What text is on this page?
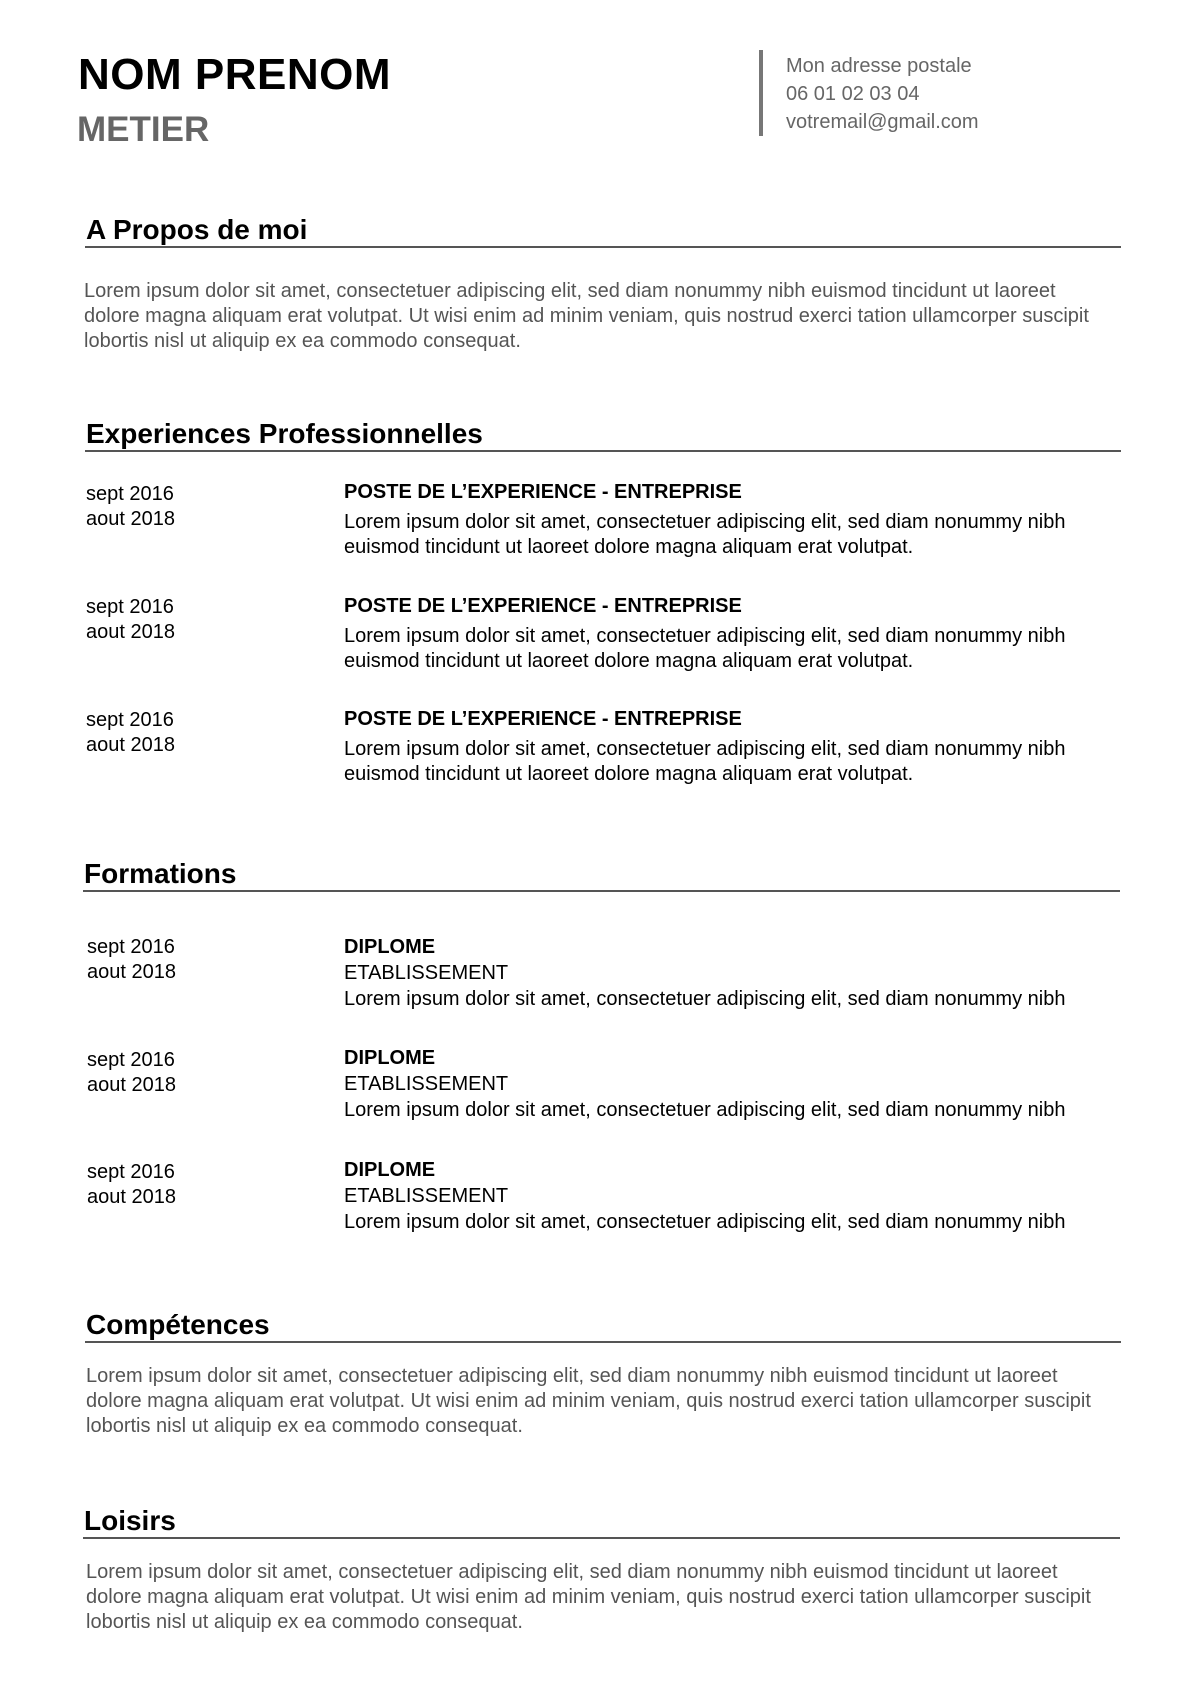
NOM PRENOM
METIER
Mon adresse postale
06 01 02 03 04
votremail@gmail.com
A Propos de moi
Lorem ipsum dolor sit amet, consectetuer adipiscing elit, sed diam nonummy nibh euismod tincidunt ut laoreet
dolore magna aliquam erat volutpat. Ut wisi enim ad minim veniam, quis nostrud exerci tation ullamcorper suscipit
lobortis nisl ut aliquip ex ea commodo consequat.
Experiences Professionnelles
sept 2016
aout 2018
POSTE DE L’EXPERIENCE - ENTREPRISE
Lorem ipsum dolor sit amet, consectetuer adipiscing elit, sed diam nonummy nibh
euismod tincidunt ut laoreet dolore magna aliquam erat volutpat.
sept 2016
aout 2018
POSTE DE L’EXPERIENCE - ENTREPRISE
Lorem ipsum dolor sit amet, consectetuer adipiscing elit, sed diam nonummy nibh
euismod tincidunt ut laoreet dolore magna aliquam erat volutpat.
sept 2016
aout 2018
POSTE DE L’EXPERIENCE - ENTREPRISE
Lorem ipsum dolor sit amet, consectetuer adipiscing elit, sed diam nonummy nibh
euismod tincidunt ut laoreet dolore magna aliquam erat volutpat.
Formations
sept 2016
aout 2018
DIPLOME
ETABLISSEMENT
Lorem ipsum dolor sit amet, consectetuer adipiscing elit, sed diam nonummy nibh
sept 2016
aout 2018
DIPLOME
ETABLISSEMENT
Lorem ipsum dolor sit amet, consectetuer adipiscing elit, sed diam nonummy nibh
sept 2016
aout 2018
DIPLOME
ETABLISSEMENT
Lorem ipsum dolor sit amet, consectetuer adipiscing elit, sed diam nonummy nibh
Compétences
Lorem ipsum dolor sit amet, consectetuer adipiscing elit, sed diam nonummy nibh euismod tincidunt ut laoreet
dolore magna aliquam erat volutpat. Ut wisi enim ad minim veniam, quis nostrud exerci tation ullamcorper suscipit
lobortis nisl ut aliquip ex ea commodo consequat.
Loisirs
Lorem ipsum dolor sit amet, consectetuer adipiscing elit, sed diam nonummy nibh euismod tincidunt ut laoreet
dolore magna aliquam erat volutpat. Ut wisi enim ad minim veniam, quis nostrud exerci tation ullamcorper suscipit
lobortis nisl ut aliquip ex ea commodo consequat.
